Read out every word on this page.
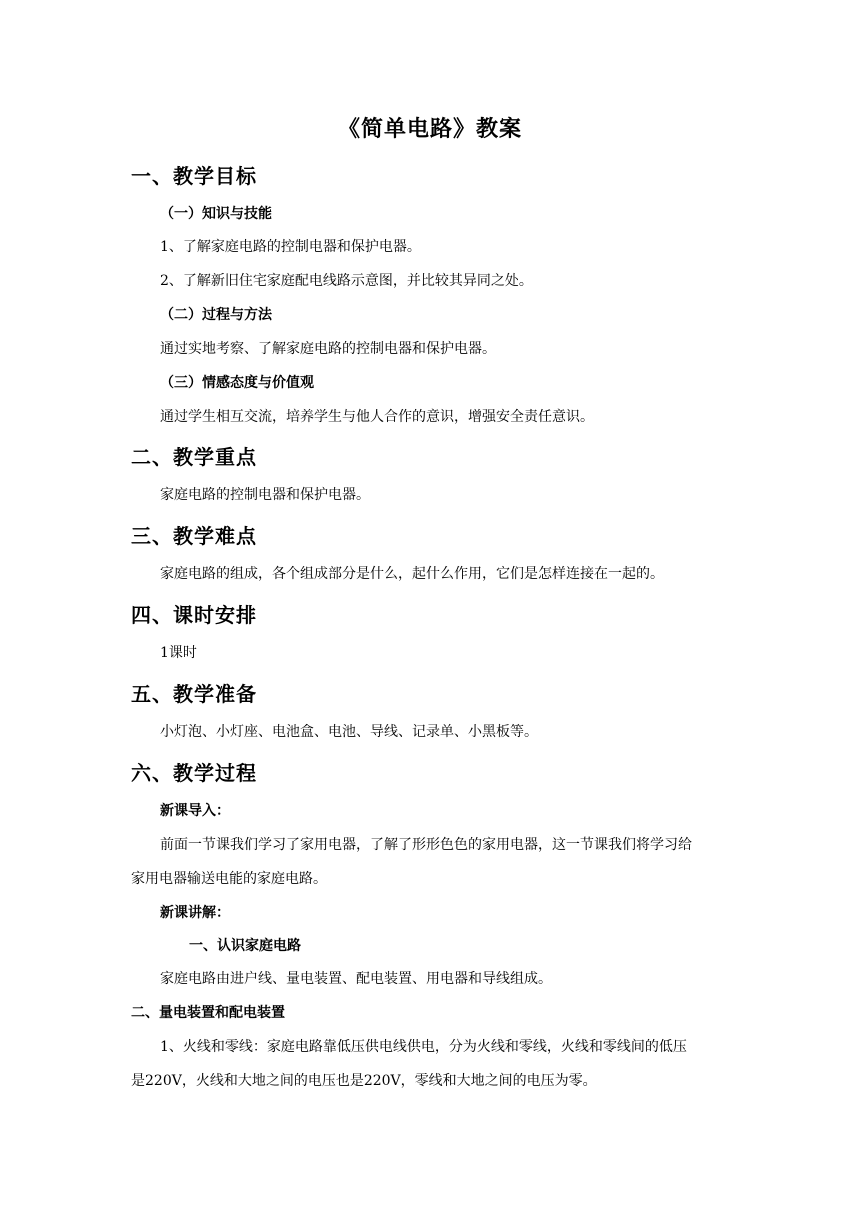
《简单电路》教案
一、教学目标
（一）知识与技能
1、了解家庭电路的控制电器和保护电器。
2、了解新旧住宅家庭配电线路示意图，并比较其异同之处。
（二）过程与方法
通过实地考察、了解家庭电路的控制电器和保护电器。
（三）情感态度与价值观
通过学生相互交流，培养学生与他人合作的意识，增强安全责任意识。
二、教学重点
家庭电路的控制电器和保护电器。
三、教学难点
家庭电路的组成，各个组成部分是什么，起什么作用，它们是怎样连接在一起的。
四、课时安排
1课时
五、教学准备
小灯泡、小灯座、电池盒、电池、导线、记录单、小黑板等。
六、教学过程
新课导入：
前面一节课我们学习了家用电器，了解了形形色色的家用电器，这一节课我们将学习给
家用电器输送电能的家庭电路。
新课讲解：
一、认识家庭电路
家庭电路由进户线、量电装置、配电装置、用电器和导线组成。
二、量电装置和配电装置
1、火线和零线：家庭电路靠低压供电线供电，分为火线和零线，火线和零线间的低压
是220V，火线和大地之间的电压也是220V，零线和大地之间的电压为零。
